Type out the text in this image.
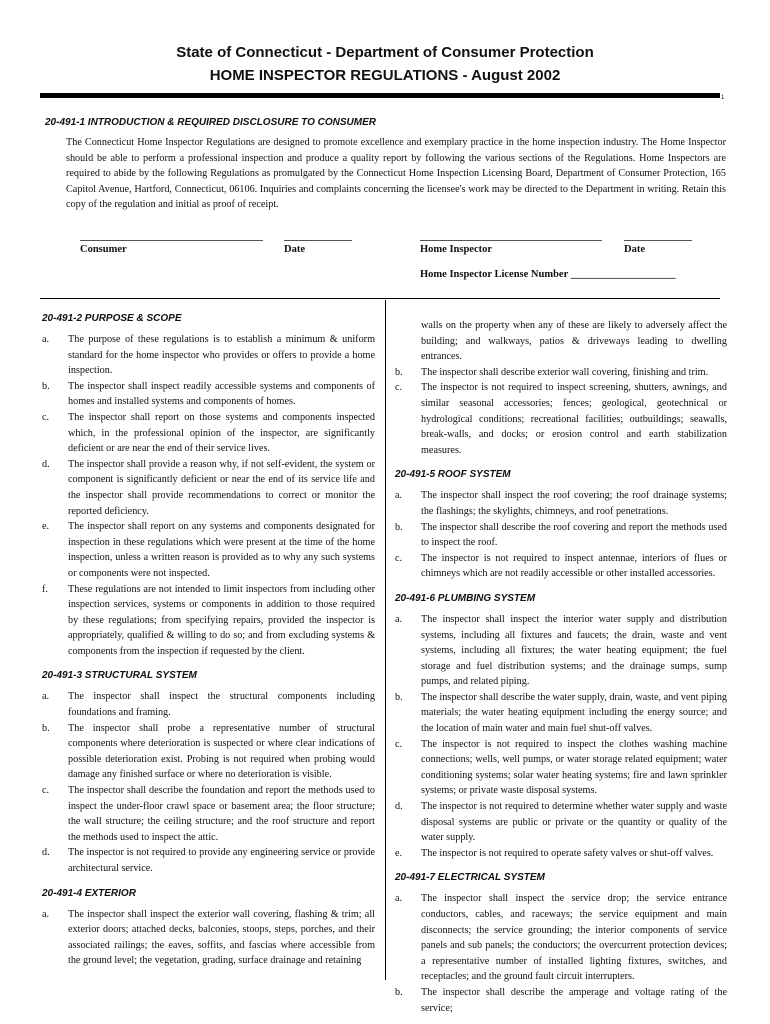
State of Connecticut - Department of Consumer Protection
HOME INSPECTOR REGULATIONS - August 2002
1
20-491-1 INTRODUCTION & REQUIRED DISCLOSURE TO CONSUMER
The Connecticut Home Inspector Regulations are designed to promote excellence and exemplary practice in the home inspection industry. The Home Inspector should be able to perform a professional inspection and produce a quality report by following the various sections of the Regulations. Home Inspectors are required to abide by the following Regulations as promulgated by the Connecticut Home Inspection Licensing Board, Department of Consumer Protection, 165 Capitol Avenue, Hartford, Connecticut, 06106. Inquiries and complaints concerning the licensee's work may be directed to the Department in writing. Retain this copy of the regulation and initial as proof of receipt.
Consumer	Date	Home Inspector	Date
Home Inspector License Number ____________________
20-491-2 PURPOSE & SCOPE
a.	The purpose of these regulations is to establish a minimum & uniform standard for the home inspector who provides or offers to provide a home inspection.
b.	The inspector shall inspect readily accessible systems and components of homes and installed systems and components of homes.
c.	The inspector shall report on those systems and components inspected which, in the professional opinion of the inspector, are significantly deficient or are near the end of their service lives.
d.	The inspector shall provide a reason why, if not self-evident, the system or component is significantly deficient or near the end of its service life and the inspector shall provide recommendations to correct or monitor the reported deficiency.
e.	The inspector shall report on any systems and components designated for inspection in these regulations which were present at the time of the home inspection, unless a written reason is provided as to why any such systems or components were not inspected.
f.	These regulations are not intended to limit inspectors from including other inspection services, systems or components in addition to those required by these regulations; from specifying repairs, provided the inspector is appropriately, qualified & willing to do so; and from excluding systems & components from the inspection if requested by the client.
20-491-3 STRUCTURAL SYSTEM
a.	The inspector shall inspect the structural components including foundations and framing.
b.	The inspector shall probe a representative number of structural components where deterioration is suspected or where clear indications of possible deterioration exist. Probing is not required when probing would damage any finished surface or where no deterioration is visible.
c.	The inspector shall describe the foundation and report the methods used to inspect the under-floor crawl space or basement area; the floor structure; the wall structure; the ceiling structure; and the roof structure and report the methods used to inspect the attic.
d.	The inspector is not required to provide any engineering service or provide architectural service.
20-491-4 EXTERIOR
a.	The inspector shall inspect the exterior wall covering, flashing & trim; all exterior doors; attached decks, balconies, stoops, steps, porches, and their associated railings; the eaves, soffits, and fascias where accessible from the ground level; the vegetation, grading, surface drainage and retaining
walls on the property when any of these are likely to adversely affect the building; and walkways, patios & driveways leading to dwelling entrances.
b.	The inspector shall describe exterior wall covering, finishing and trim.
c.	The inspector is not required to inspect screening, shutters, awnings, and similar seasonal accessories; fences; geological, geotechnical or hydrological conditions; recreational facilities; outbuildings; seawalls, break-walls, and docks; or erosion control and earth stabilization measures.
20-491-5 ROOF SYSTEM
a.	The inspector shall inspect the roof covering; the roof drainage systems; the flashings; the skylights, chimneys, and roof penetrations.
b.	The inspector shall describe the roof covering and report the methods used to inspect the roof.
c.	The inspector is not required to inspect antennae, interiors of flues or chimneys which are not readily accessible or other installed accessories.
20-491-6 PLUMBING SYSTEM
a.	The inspector shall inspect the interior water supply and distribution systems, including all fixtures and faucets; the drain, waste and vent systems, including all fixtures; the water heating equipment; the fuel storage and fuel distribution systems; and the drainage sumps, sump pumps, and related piping.
b.	The inspector shall describe the water supply, drain, waste, and vent piping materials; the water heating equipment including the energy source; and the location of main water and main fuel shut-off valves.
c.	The inspector is not required to inspect the clothes washing machine connections; wells, well pumps, or water storage related equipment; water conditioning systems; solar water heating systems; fire and lawn sprinkler systems; or private waste disposal systems.
d.	The inspector is not required to determine whether water supply and waste disposal systems are public or private or the quantity or quality of the water supply.
e.	The inspector is not required to operate safety valves or shut-off valves.
20-491-7 ELECTRICAL SYSTEM
a.	The inspector shall inspect the service drop; the service entrance conductors, cables, and raceways; the service equipment and main disconnects; the service grounding; the interior components of service panels and sub panels; the conductors; the overcurrent protection devices; a representative number of installed lighting fixtures, switches, and receptacles; and the ground fault circuit interrupters.
b.	The inspector shall describe the amperage and voltage rating of the service;
